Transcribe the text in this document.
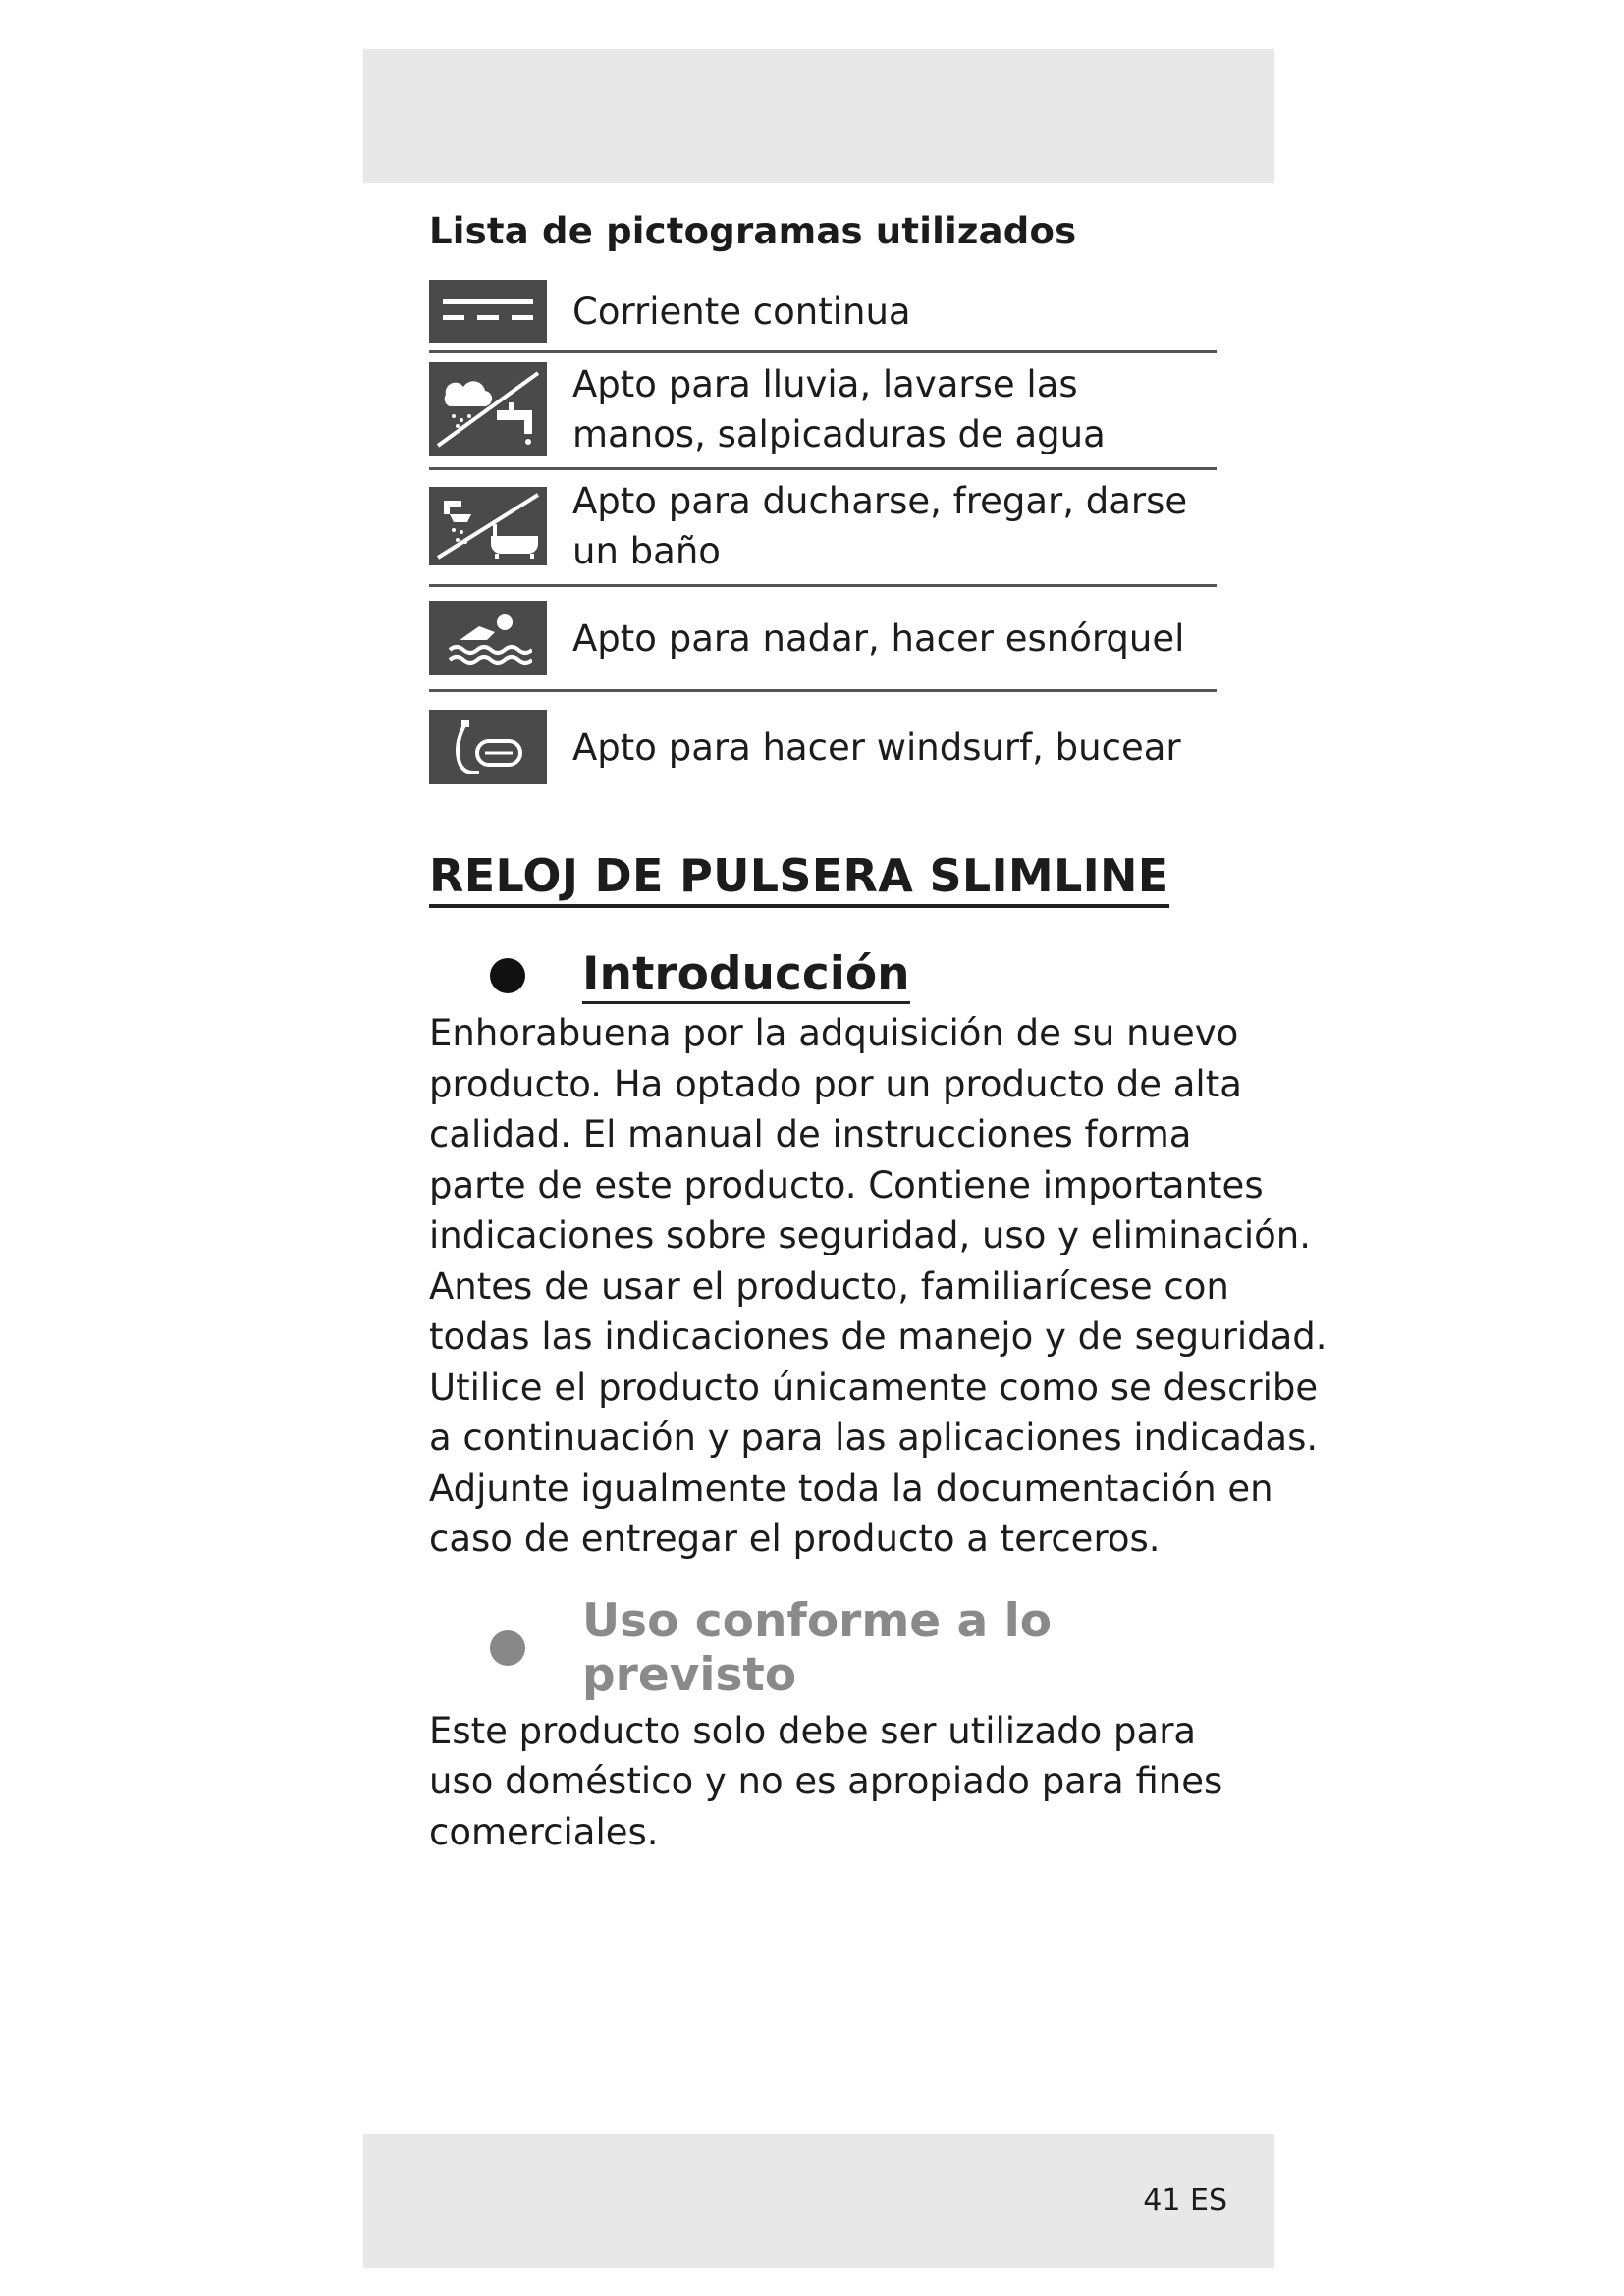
Lista de pictogramas utilizados
Corriente continua
Apto para lluvia, lavarse las manos, salpicaduras de agua
Apto para ducharse, fregar, darse un baño
Apto para nadar, hacer esnórquel
Apto para hacer windsurf, bucear
RELOJ DE PULSERA SLIMLINE
Introducción
Enhorabuena por la adquisición de su nuevo
producto. Ha optado por un producto de alta
calidad. El manual de instrucciones forma
parte de este producto. Contiene importantes
indicaciones sobre seguridad, uso y eliminación.
Antes de usar el producto, familiarícese con
todas las indicaciones de manejo y de seguridad.
Utilice el producto únicamente como se describe
a continuación y para las aplicaciones indicadas.
Adjunte igualmente toda la documentación en
caso de entregar el producto a terceros.
Uso conforme a lo previsto
Este producto solo debe ser utilizado para
uso doméstico y no es apropiado para fines
comerciales.
41 ES
